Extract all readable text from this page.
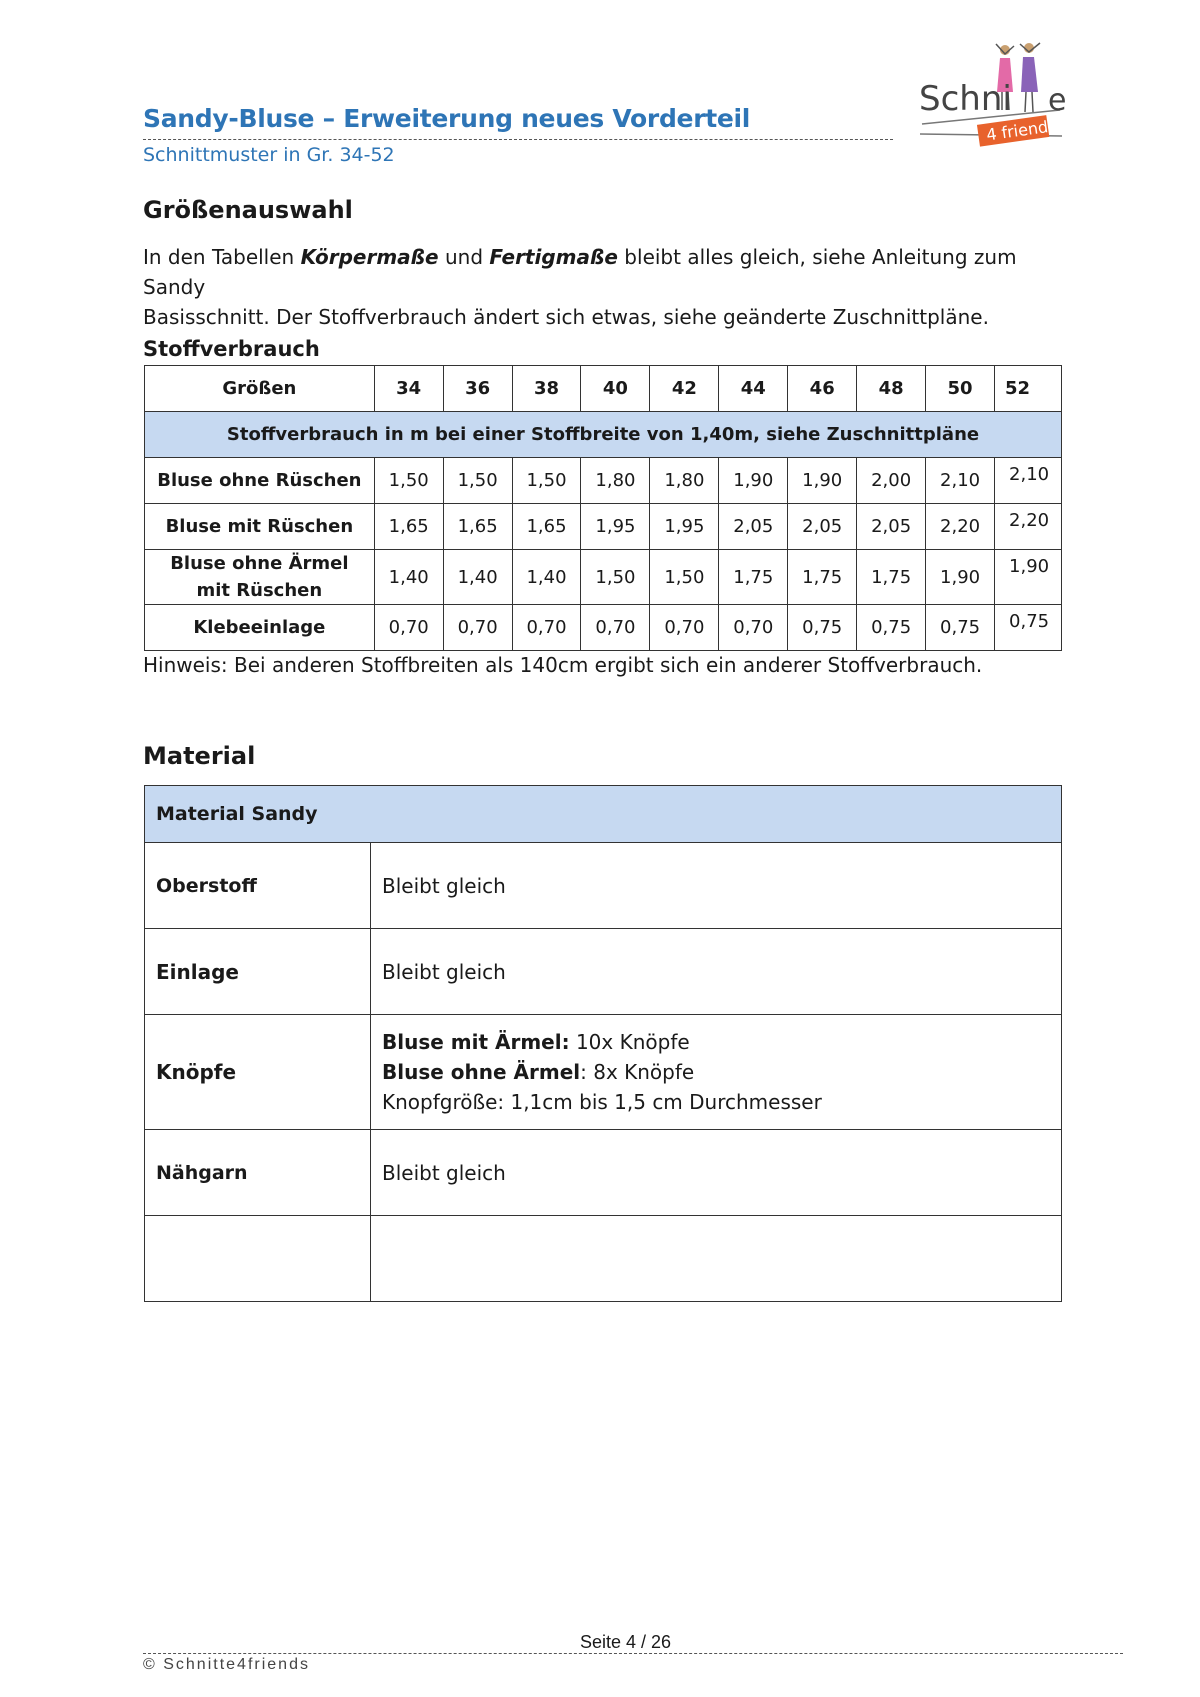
Sandy-Bluse – Erweiterung neues Vorderteil
Schnittmuster in Gr. 34-52
Schni e
4 friends
Größenauswahl
In den Tabellen Körpermaße und Fertigmaße bleibt alles gleich, siehe Anleitung zum Sandy
Basisschnitt. Der Stoffverbrauch ändert sich etwas, siehe geänderte Zuschnittpläne.
Stoffverbrauch
Größen	34	36	38	40	42	44	46	48	50	52
Stoffverbrauch in m bei einer Stoffbreite von 1,40m, siehe Zuschnittpläne										
Bluse ohne Rüschen	1,50	1,50	1,50	1,80	1,80	1,90	1,90	2,00	2,10	2,10
Bluse mit Rüschen	1,65	1,65	1,65	1,95	1,95	2,05	2,05	2,05	2,20	2,20
Bluse ohne Ärmel
mit Rüschen	1,40	1,40	1,40	1,50	1,50	1,75	1,75	1,75	1,90	1,90
Klebeeinlage	0,70	0,70	0,70	0,70	0,70	0,70	0,75	0,75	0,75	0,75
Hinweis: Bei anderen Stoffbreiten als 140cm ergibt sich ein anderer Stoffverbrauch.
Material
Material Sandy	
Oberstoff	Bleibt gleich
Einlage	Bleibt gleich
Knöpfe	Bluse mit Ärmel: 10x Knöpfe
Bluse ohne Ärmel: 8x Knöpfe
Knopfgröße: 1,1cm bis 1,5 cm Durchmesser
Nähgarn	Bleibt gleich

Seite 4 / 26
© Schnitte4friends
